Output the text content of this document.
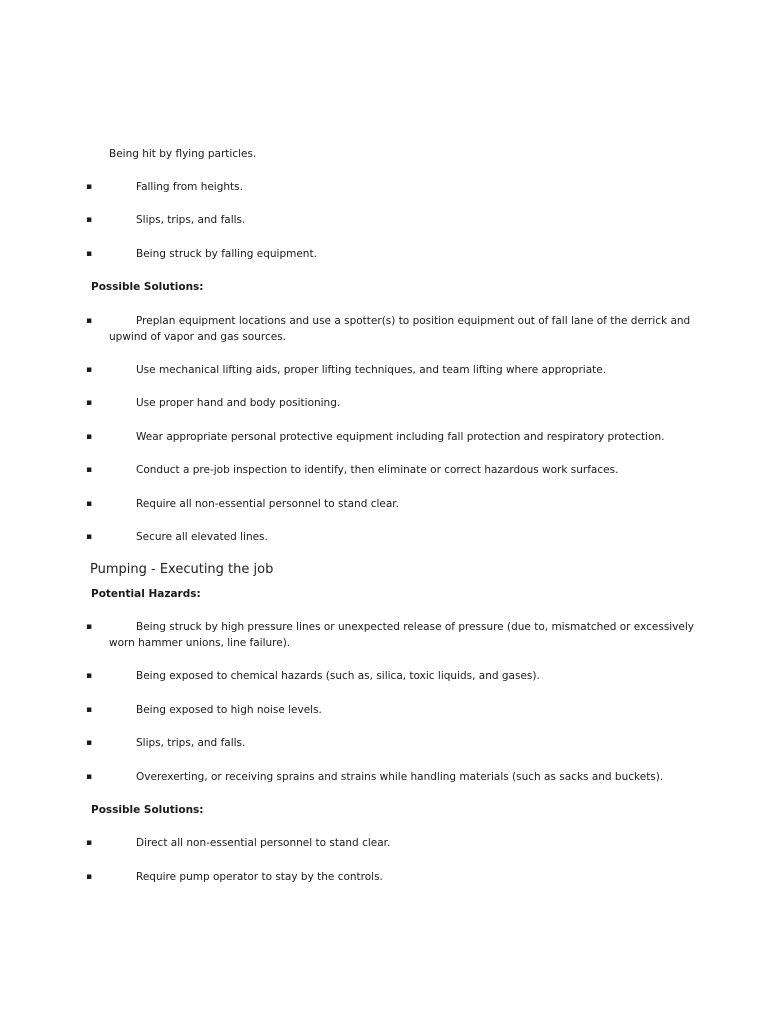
Being hit by flying particles.
▪	Falling from heights.
▪	Slips, trips, and falls.
▪	Being struck by falling equipment.
Possible Solutions:
▪	Preplan equipment locations and use a spotter(s) to position equipment out of fall lane of the derrick and
upwind of vapor and gas sources.
▪	Use mechanical lifting aids, proper lifting techniques, and team lifting where appropriate.
▪	Use proper hand and body positioning.
▪	Wear appropriate personal protective equipment including fall protection and respiratory protection.
▪	Conduct a pre-job inspection to identify, then eliminate or correct hazardous work surfaces.
▪	Require all non-essential personnel to stand clear.
▪	Secure all elevated lines.
Pumping - Executing the job
Potential Hazards:
▪	Being struck by high pressure lines or unexpected release of pressure (due to, mismatched or excessively
worn hammer unions, line failure).
▪	Being exposed to chemical hazards (such as, silica, toxic liquids, and gases).
▪	Being exposed to high noise levels.
▪	Slips, trips, and falls.
▪	Overexerting, or receiving sprains and strains while handling materials (such as sacks and buckets).
Possible Solutions:
▪	Direct all non-essential personnel to stand clear.
▪	Require pump operator to stay by the controls.
